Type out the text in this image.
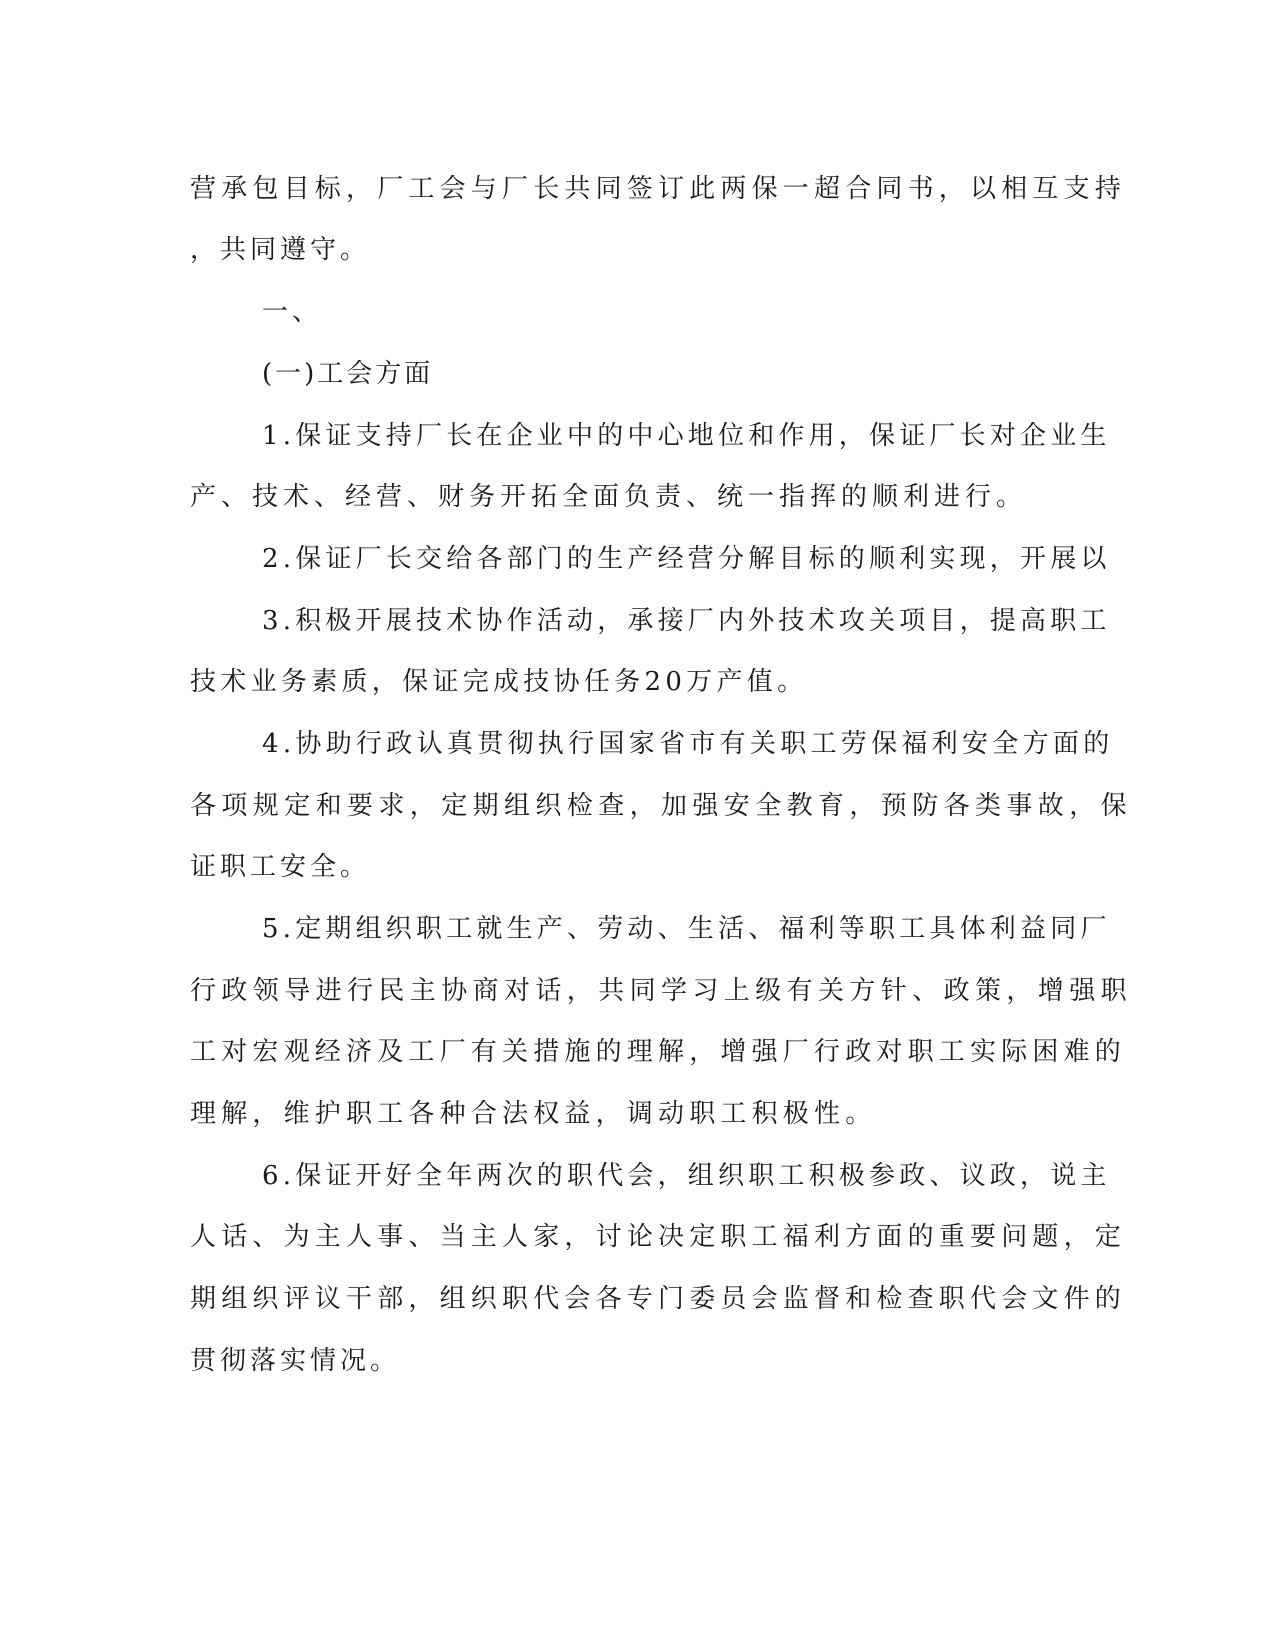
营承包目标，厂工会与厂长共同签订此两保一超合同书，以相互支持
，共同遵守。
一、
(一)工会方面
1.保证支持厂长在企业中的中心地位和作用，保证厂长对企业生
产、技术、经营、财务开拓全面负责、统一指挥的顺利进行。
2.保证厂长交给各部门的生产经营分解目标的顺利实现，开展以
3.积极开展技术协作活动，承接厂内外技术攻关项目，提高职工
技术业务素质，保证完成技协任务20万产值。
4.协助行政认真贯彻执行国家省市有关职工劳保福利安全方面的
各项规定和要求，定期组织检查，加强安全教育，预防各类事故，保
证职工安全。
5.定期组织职工就生产、劳动、生活、福利等职工具体利益同厂
行政领导进行民主协商对话，共同学习上级有关方针、政策，增强职
工对宏观经济及工厂有关措施的理解，增强厂行政对职工实际困难的
理解，维护职工各种合法权益，调动职工积极性。
6.保证开好全年两次的职代会，组织职工积极参政、议政，说主
人话、为主人事、当主人家，讨论决定职工福利方面的重要问题，定
期组织评议干部，组织职代会各专门委员会监督和检查职代会文件的
贯彻落实情况。
